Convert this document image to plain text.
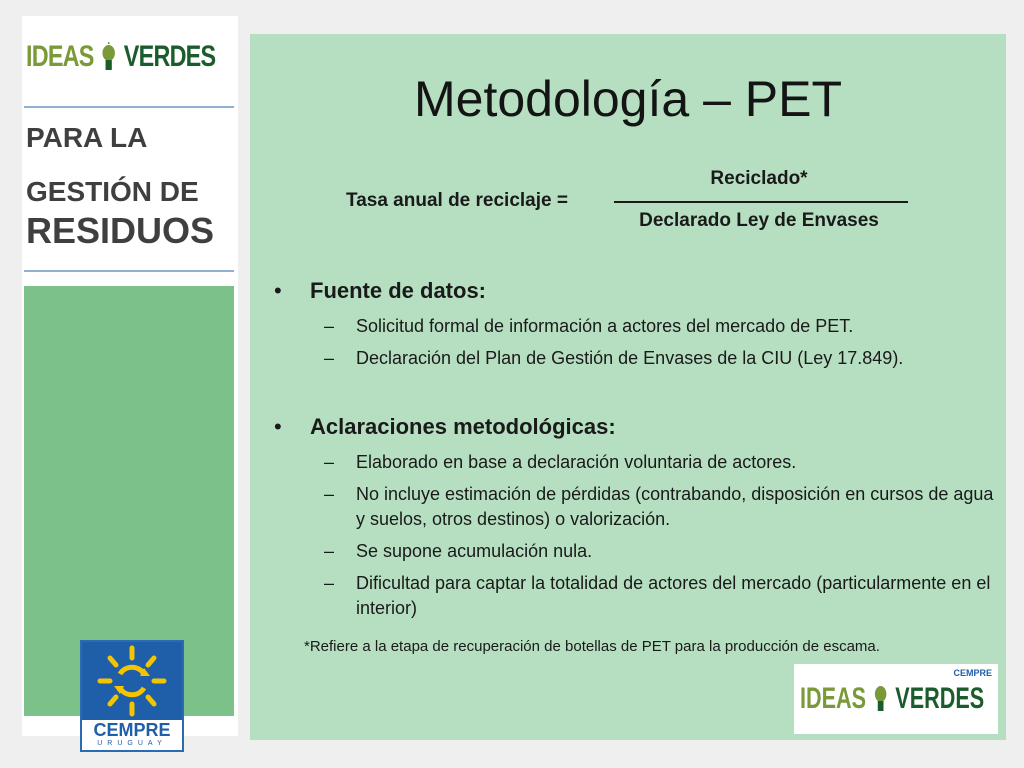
IDEAS VERDES
PARA LA
GESTIÓN DE
RESIDUOS
CEMPRE
URUGUAY
Metodología – PET
Tasa anual de reciclaje =
Reciclado*
Declarado Ley de Envases
• Fuente de datos:
–	Solicitud formal de información a actores del mercado de PET.
–	Declaración del Plan de Gestión de Envases de la CIU (Ley 17.849).
• Aclaraciones metodológicas:
–	Elaborado en base a declaración voluntaria de actores.
–	No incluye estimación de pérdidas (contrabando, disposición en cursos de agua y suelos, otros destinos) o valorización.
–	Se supone acumulación nula.
–	Dificultad para captar la totalidad de actores del mercado (particularmente en el interior)
*Refiere a la etapa de recuperación de botellas de PET para la producción de escama.
CEMPRE
IDEAS VERDES
